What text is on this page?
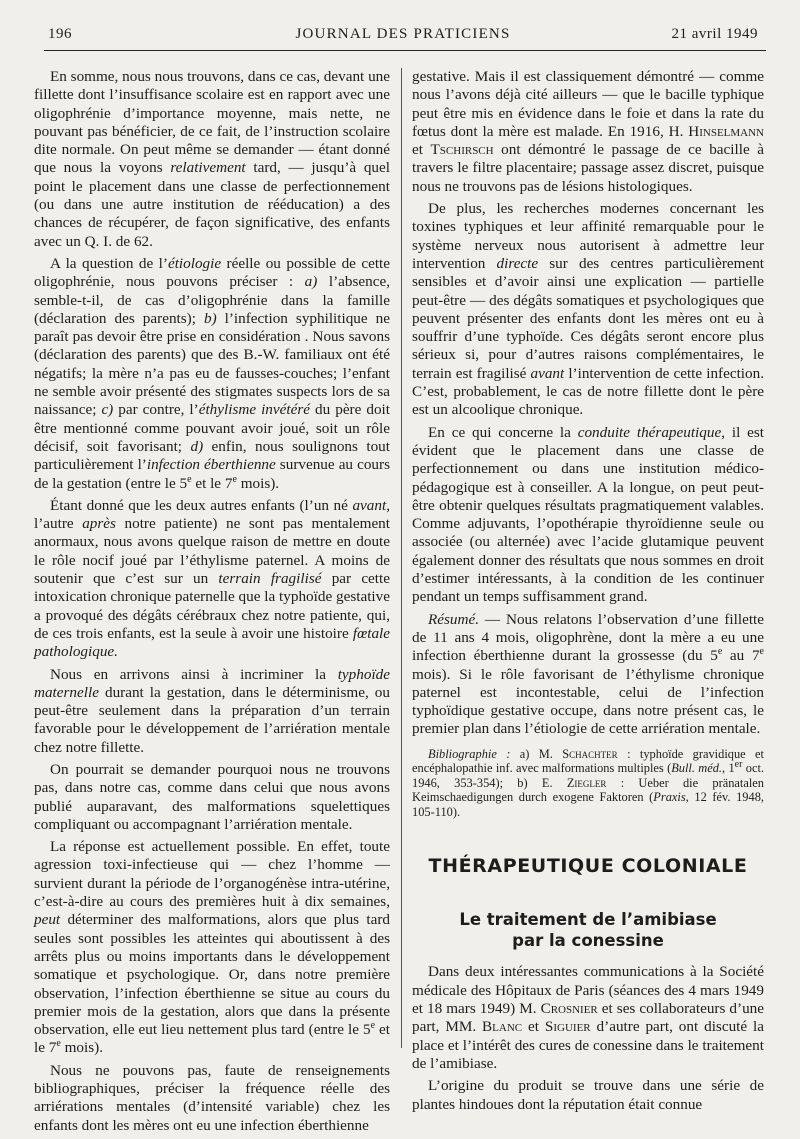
196	JOURNAL DES PRATICIENS	21 avril 1949

En somme, nous nous trouvons, dans ce cas, devant une fillette dont l’insuffisance scolaire est en rapport avec une oligophrénie d’importance moyenne, mais nette, ne pouvant pas bénéficier, de ce fait, de l’instruction scolaire dite normale. On peut même se demander — étant donné que nous la voyons relativement tard, — jusqu’à quel point le placement dans une classe de perfectionnement (ou dans une autre institution de rééducation) a des chances de récupérer, de façon significative, des enfants avec un Q. I. de 62.

A la question de l’étiologie réelle ou possible de cette oligophrénie, nous pouvons préciser : a) l’absence, semble-t-il, de cas d’oligophrénie dans la famille (déclaration des parents); b) l’infection syphilitique ne paraît pas devoir être prise en considération . Nous savons (déclaration des parents) que des B.-W. familiaux ont été négatifs; la mère n’a pas eu de fausses-couches; l’enfant ne semble avoir présenté des stigmates suspects lors de sa naissance; c) par contre, l’éthylisme invétéré du père doit être mentionné comme pouvant avoir joué, soit un rôle décisif, soit favorisant; d) enfin, nous soulignons tout particulièrement l’infection éberthienne survenue au cours de la gestation (entre le 5e et le 7e mois).

Étant donné que les deux autres enfants (l’un né avant, l’autre après notre patiente) ne sont pas mentalement anormaux, nous avons quelque raison de mettre en doute le rôle nocif joué par l’éthylisme paternel. A moins de soutenir que c’est sur un terrain fragilisé par cette intoxication chronique paternelle que la typhoïde gestative a provoqué des dégâts cérébraux chez notre patiente, qui, de ces trois enfants, est la seule à avoir une histoire fœtale pathologique.

Nous en arrivons ainsi à incriminer la typhoïde maternelle durant la gestation, dans le déterminisme, ou peut-être seulement dans la préparation d’un terrain favorable pour le développement de l’arriération mentale chez notre fillette.

On pourrait se demander pourquoi nous ne trouvons pas, dans notre cas, comme dans celui que nous avons publié auparavant, des malformations squelettiques compliquant ou accompagnant l’arriération mentale.

La réponse est actuellement possible. En effet, toute agression toxi-infectieuse qui — chez l’homme — survient durant la période de l’organogénèse intra-utérine, c’est-à-dire au cours des premières huit à dix semaines, peut déterminer des malformations, alors que plus tard seules sont possibles les atteintes qui aboutissent à des arrêts plus ou moins importants dans le développement somatique et psychologique. Or, dans notre première observation, l’infection éberthienne se situe au cours du premier mois de la gestation, alors que dans la présente observation, elle eut lieu nettement plus tard (entre le 5e et le 7e mois).

Nous ne pouvons pas, faute de renseignements bibliographiques, préciser la fréquence réelle des arriérations mentales (d’intensité variable) chez les enfants dont les mères ont eu une infection éberthienne

gestative. Mais il est classiquement démontré — comme nous l’avons déjà cité ailleurs — que le bacille typhique peut être mis en évidence dans le foie et dans la rate du fœtus dont la mère est malade. En 1916, H. Hinselmann et Tschirsch ont démontré le passage de ce bacille à travers le filtre placentaire; passage assez discret, puisque nous ne trouvons pas de lésions histologiques.

De plus, les recherches modernes concernant les toxines typhiques et leur affinité remarquable pour le système nerveux nous autorisent à admettre leur intervention directe sur des centres particulièrement sensibles et d’avoir ainsi une explication — partielle peut-être — des dégâts somatiques et psychologiques que peuvent présenter des enfants dont les mères ont eu à souffrir d’une typhoïde. Ces dégâts seront encore plus sérieux si, pour d’autres raisons complémentaires, le terrain est fragilisé avant l’intervention de cette infection. C’est, probablement, le cas de notre fillette dont le père est un alcoolique chronique.

En ce qui concerne la conduite thérapeutique, il est évident que le placement dans une classe de perfectionnement ou dans une institution médico-pédagogique est à conseiller. A la longue, on peut peut-être obtenir quelques résultats pragmatiquement valables. Comme adjuvants, l’opothérapie thyroïdienne seule ou associée (ou alternée) avec l’acide glutamique peuvent également donner des résultats que nous sommes en droit d’estimer intéressants, à la condition de les continuer pendant un temps suffisamment grand.

Résumé. — Nous relatons l’observation d’une fillette de 11 ans 4 mois, oligophrène, dont la mère a eu une infection éberthienne durant la grossesse (du 5e au 7e mois). Si le rôle favorisant de l’éthylisme chronique paternel est incontestable, celui de l’infection typhoïdique gestative occupe, dans notre présent cas, le premier plan dans l’étiologie de cette arriération mentale.

Bibliographie : a) M. Schachter : typhoïde gravidique et encéphalopathie inf. avec malformations multiples (Bull. méd., 1er oct. 1946, 353-354); b) E. Ziegler : Ueber die pränatalen Keimschaedigungen durch exogene Faktoren (Praxis, 12 fév. 1948, 105-110).

THÉRAPEUTIQUE COLONIALE
Le traitement de l’amibiase
par la conessine

Dans deux intéressantes communications à la Société médicale des Hôpitaux de Paris (séances des 4 mars 1949 et 18 mars 1949) M. Crosnier et ses collaborateurs d’une part, MM. Blanc et Siguier d’autre part, ont discuté la place et l’intérêt des cures de conessine dans le traitement de l’amibiase.

L’origine du produit se trouve dans une série de plantes hindoues dont la réputation était connue
